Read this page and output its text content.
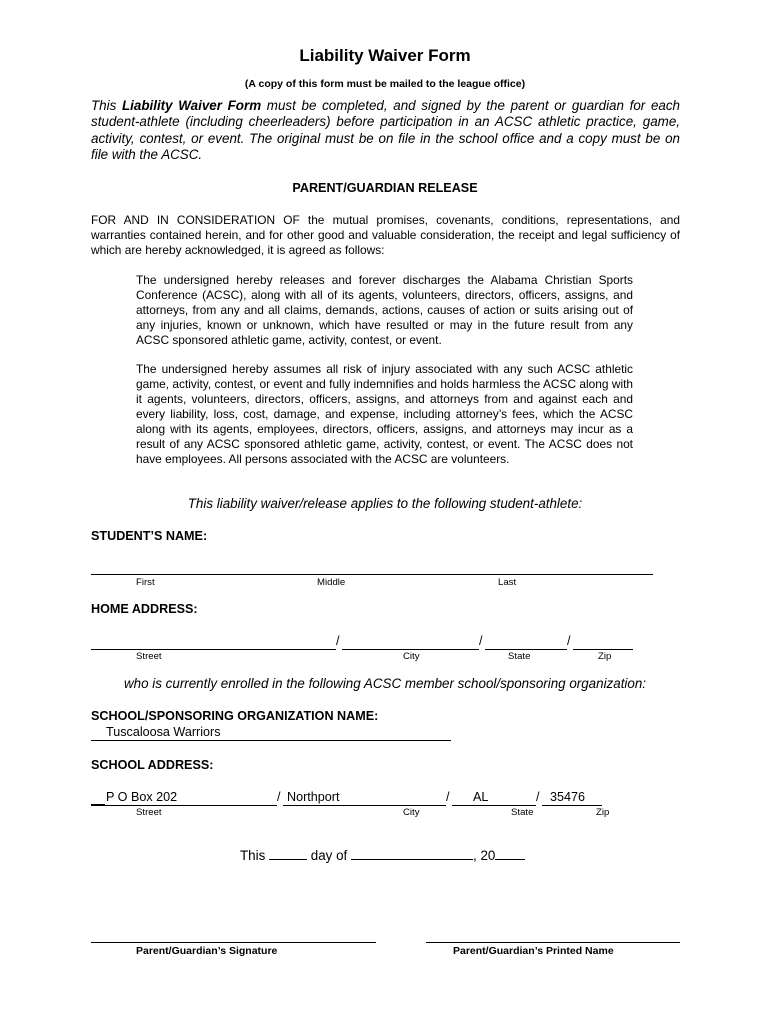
Liability Waiver Form
(A copy of this form must be mailed to the league office)
This Liability Waiver Form must be completed, and signed by the parent or guardian for each student-athlete (including cheerleaders) before participation in an ACSC athletic practice, game, activity, contest, or event. The original must be on file in the school office and a copy must be on file with the ACSC.
PARENT/GUARDIAN RELEASE
FOR AND IN CONSIDERATION OF the mutual promises, covenants, conditions, representations, and warranties contained herein, and for other good and valuable consideration, the receipt and legal sufficiency of which are hereby acknowledged, it is agreed as follows:
The undersigned hereby releases and forever discharges the Alabama Christian Sports Conference (ACSC), along with all of its agents, volunteers, directors, officers, assigns, and attorneys, from any and all claims, demands, actions, causes of action or suits arising out of any injuries, known or unknown, which have resulted or may in the future result from any ACSC sponsored athletic game, activity, contest, or event.
The undersigned hereby assumes all risk of injury associated with any such ACSC athletic game, activity, contest, or event and fully indemnifies and holds harmless the ACSC along with it agents, volunteers, directors, officers, assigns, and attorneys from and against each and every liability, loss, cost, damage, and expense, including attorney’s fees, which the ACSC along with its agents, employees, directors, officers, assigns, and attorneys may incur as a result of any ACSC sponsored athletic game, activity, contest, or event. The ACSC does not have employees. All persons associated with the ACSC are volunteers.
This liability waiver/release applies to the following student-athlete:
STUDENT’S NAME:
First	Middle	Last
HOME ADDRESS:
/	/	/
Street	City	State	Zip
who is currently enrolled in the following ACSC member school/sponsoring organization:
SCHOOL/SPONSORING ORGANIZATION NAME:
Tuscaloosa Warriors
SCHOOL ADDRESS:
P O Box 202	/ Northport	/ AL	/ 35476
Street	City	State	Zip
This	day of	, 20
Parent/Guardian’s Signature	Parent/Guardian’s Printed Name
